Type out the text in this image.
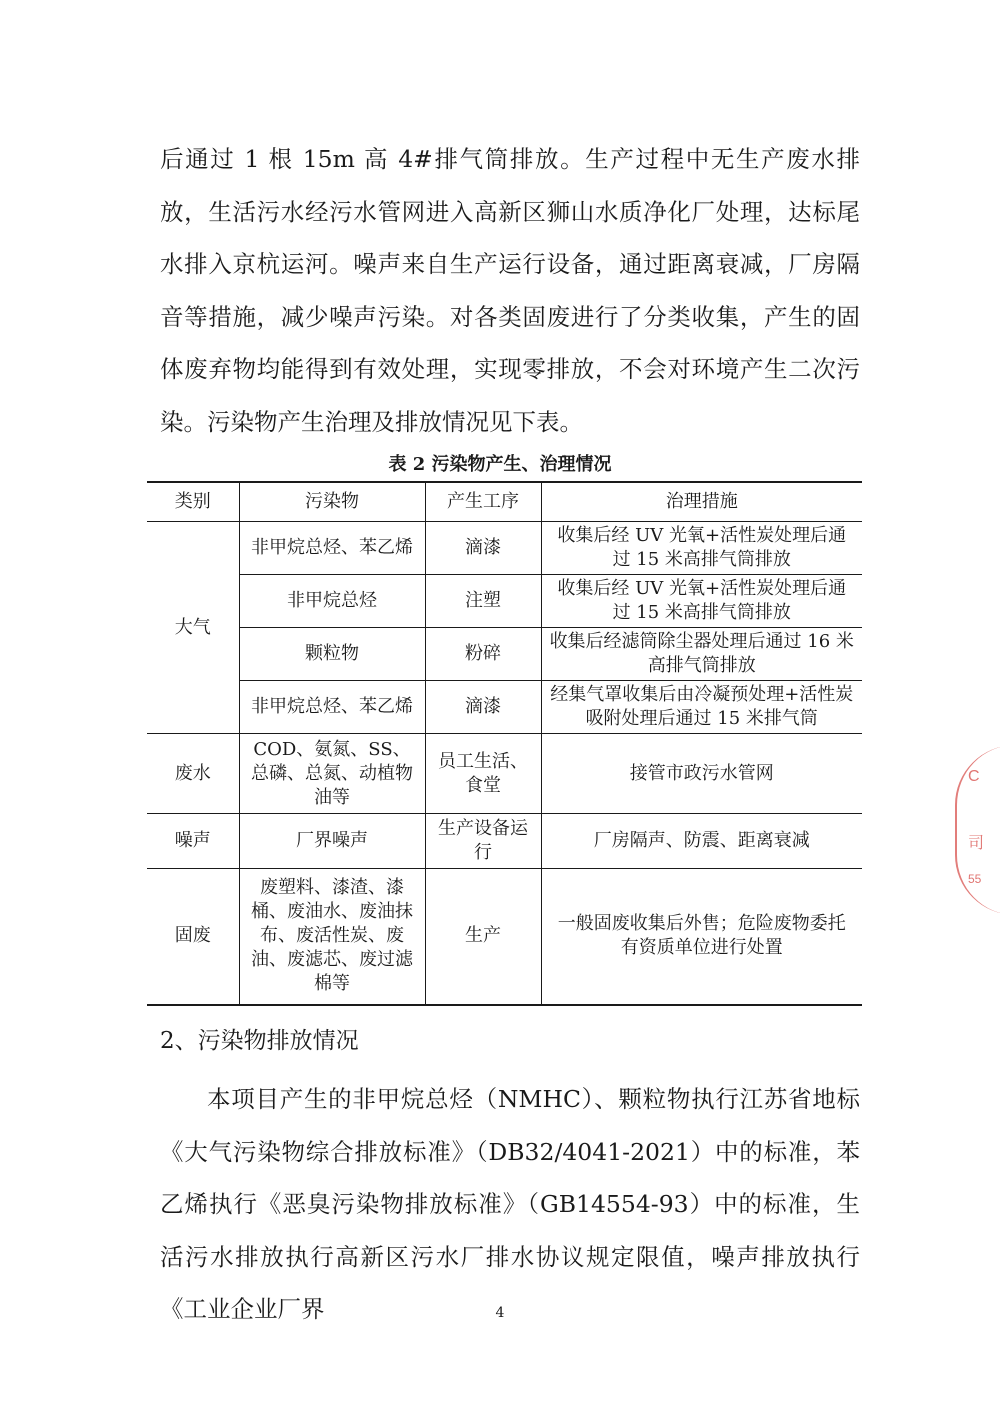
后通过 1 根 15m 高 4#排气筒排放。生产过程中无生产废水排放，生活污水经污水管网进入高新区狮山水质净化厂处理，达标尾水排入京杭运河。噪声来自生产运行设备，通过距离衰减，厂房隔音等措施，减少噪声污染。对各类固废进行了分类收集，产生的固体废弃物均能得到有效处理，实现零排放，不会对环境产生二次污染。污染物产生治理及排放情况见下表。

表 2 污染物产生、治理情况
类别	污染物	产生工序	治理措施
大气	非甲烷总烃、苯乙烯	滴漆	收集后经 UV 光氧+活性炭处理后通过 15 米高排气筒排放
	非甲烷总烃	注塑	收集后经 UV 光氧+活性炭处理后通过 15 米高排气筒排放
	颗粒物	粉碎	收集后经滤筒除尘器处理后通过 16 米高排气筒排放
	非甲烷总烃、苯乙烯	滴漆	经集气罩收集后由冷凝预处理+活性炭吸附处理后通过 15 米排气筒
废水	COD、氨氮、SS、总磷、总氮、动植物油等	员工生活、食堂	接管市政污水管网
噪声	厂界噪声	生产设备运行	厂房隔声、防震、距离衰减
固废	废塑料、漆渣、漆桶、废油水、废油抹布、废活性炭、废油、废滤芯、废过滤棉等	生产	一般固废收集后外售；危险废物委托有资质单位进行处置

2、污染物排放情况

本项目产生的非甲烷总烃（NMHC）、颗粒物执行江苏省地标《大气污染物综合排放标准》（DB32/4041-2021）中的标准，苯乙烯执行《恶臭污染物排放标准》（GB14554-93）中的标准，生活污水排放执行高新区污水厂排水协议规定限值，噪声排放执行《工业企业厂界	4
C
司
55
